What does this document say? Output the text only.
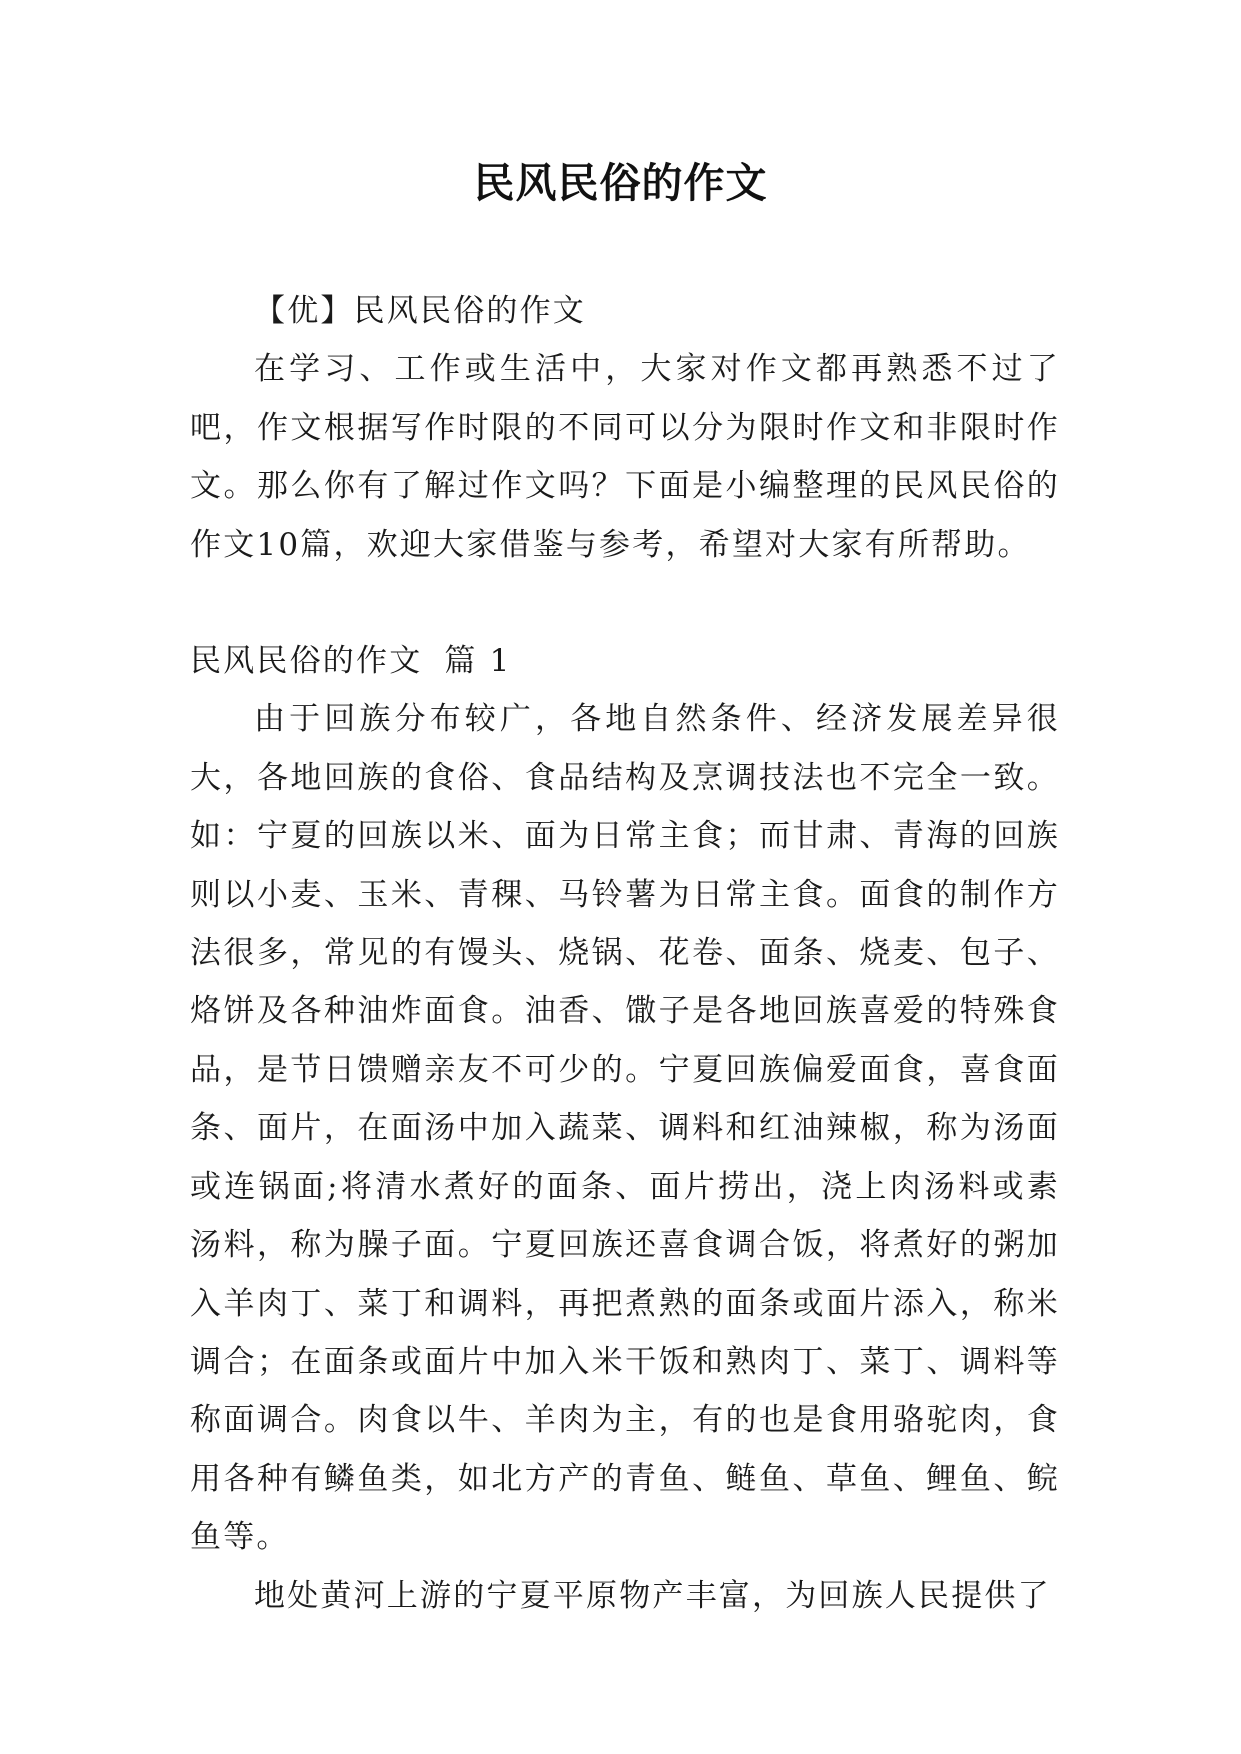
民风民俗的作文

【优】民风民俗的作文

在学习、工作或生活中，大家对作文都再熟悉不过了吧，作文根据写作时限的不同可以分为限时作文和非限时作文。那么你有了解过作文吗？下面是小编整理的民风民俗的作文10篇，欢迎大家借鉴与参考，希望对大家有所帮助。

民风民俗的作文 篇 1

由于回族分布较广，各地自然条件、经济发展差异很大，各地回族的食俗、食品结构及烹调技法也不完全一致。如：宁夏的回族以米、面为日常主食；而甘肃、青海的回族则以小麦、玉米、青稞、马铃薯为日常主食。面食的制作方法很多，常见的有馒头、烧锅、花卷、面条、烧麦、包子、烙饼及各种油炸面食。油香、馓子是各地回族喜爱的特殊食品，是节日馈赠亲友不可少的。宁夏回族偏爱面食，喜食面条、面片，在面汤中加入蔬菜、调料和红油辣椒，称为汤面或连锅面;将清水煮好的面条、面片捞出，浇上肉汤料或素汤料，称为臊子面。宁夏回族还喜食调合饭，将煮好的粥加入羊肉丁、菜丁和调料，再把煮熟的面条或面片添入，称米调合；在面条或面片中加入米干饭和熟肉丁、菜丁、调料等称面调合。肉食以牛、羊肉为主，有的也是食用骆驼肉，食用各种有鳞鱼类，如北方产的青鱼、鲢鱼、草鱼、鲤鱼、鲩鱼等。

地处黄河上游的宁夏平原物产丰富，为回族人民提供了
